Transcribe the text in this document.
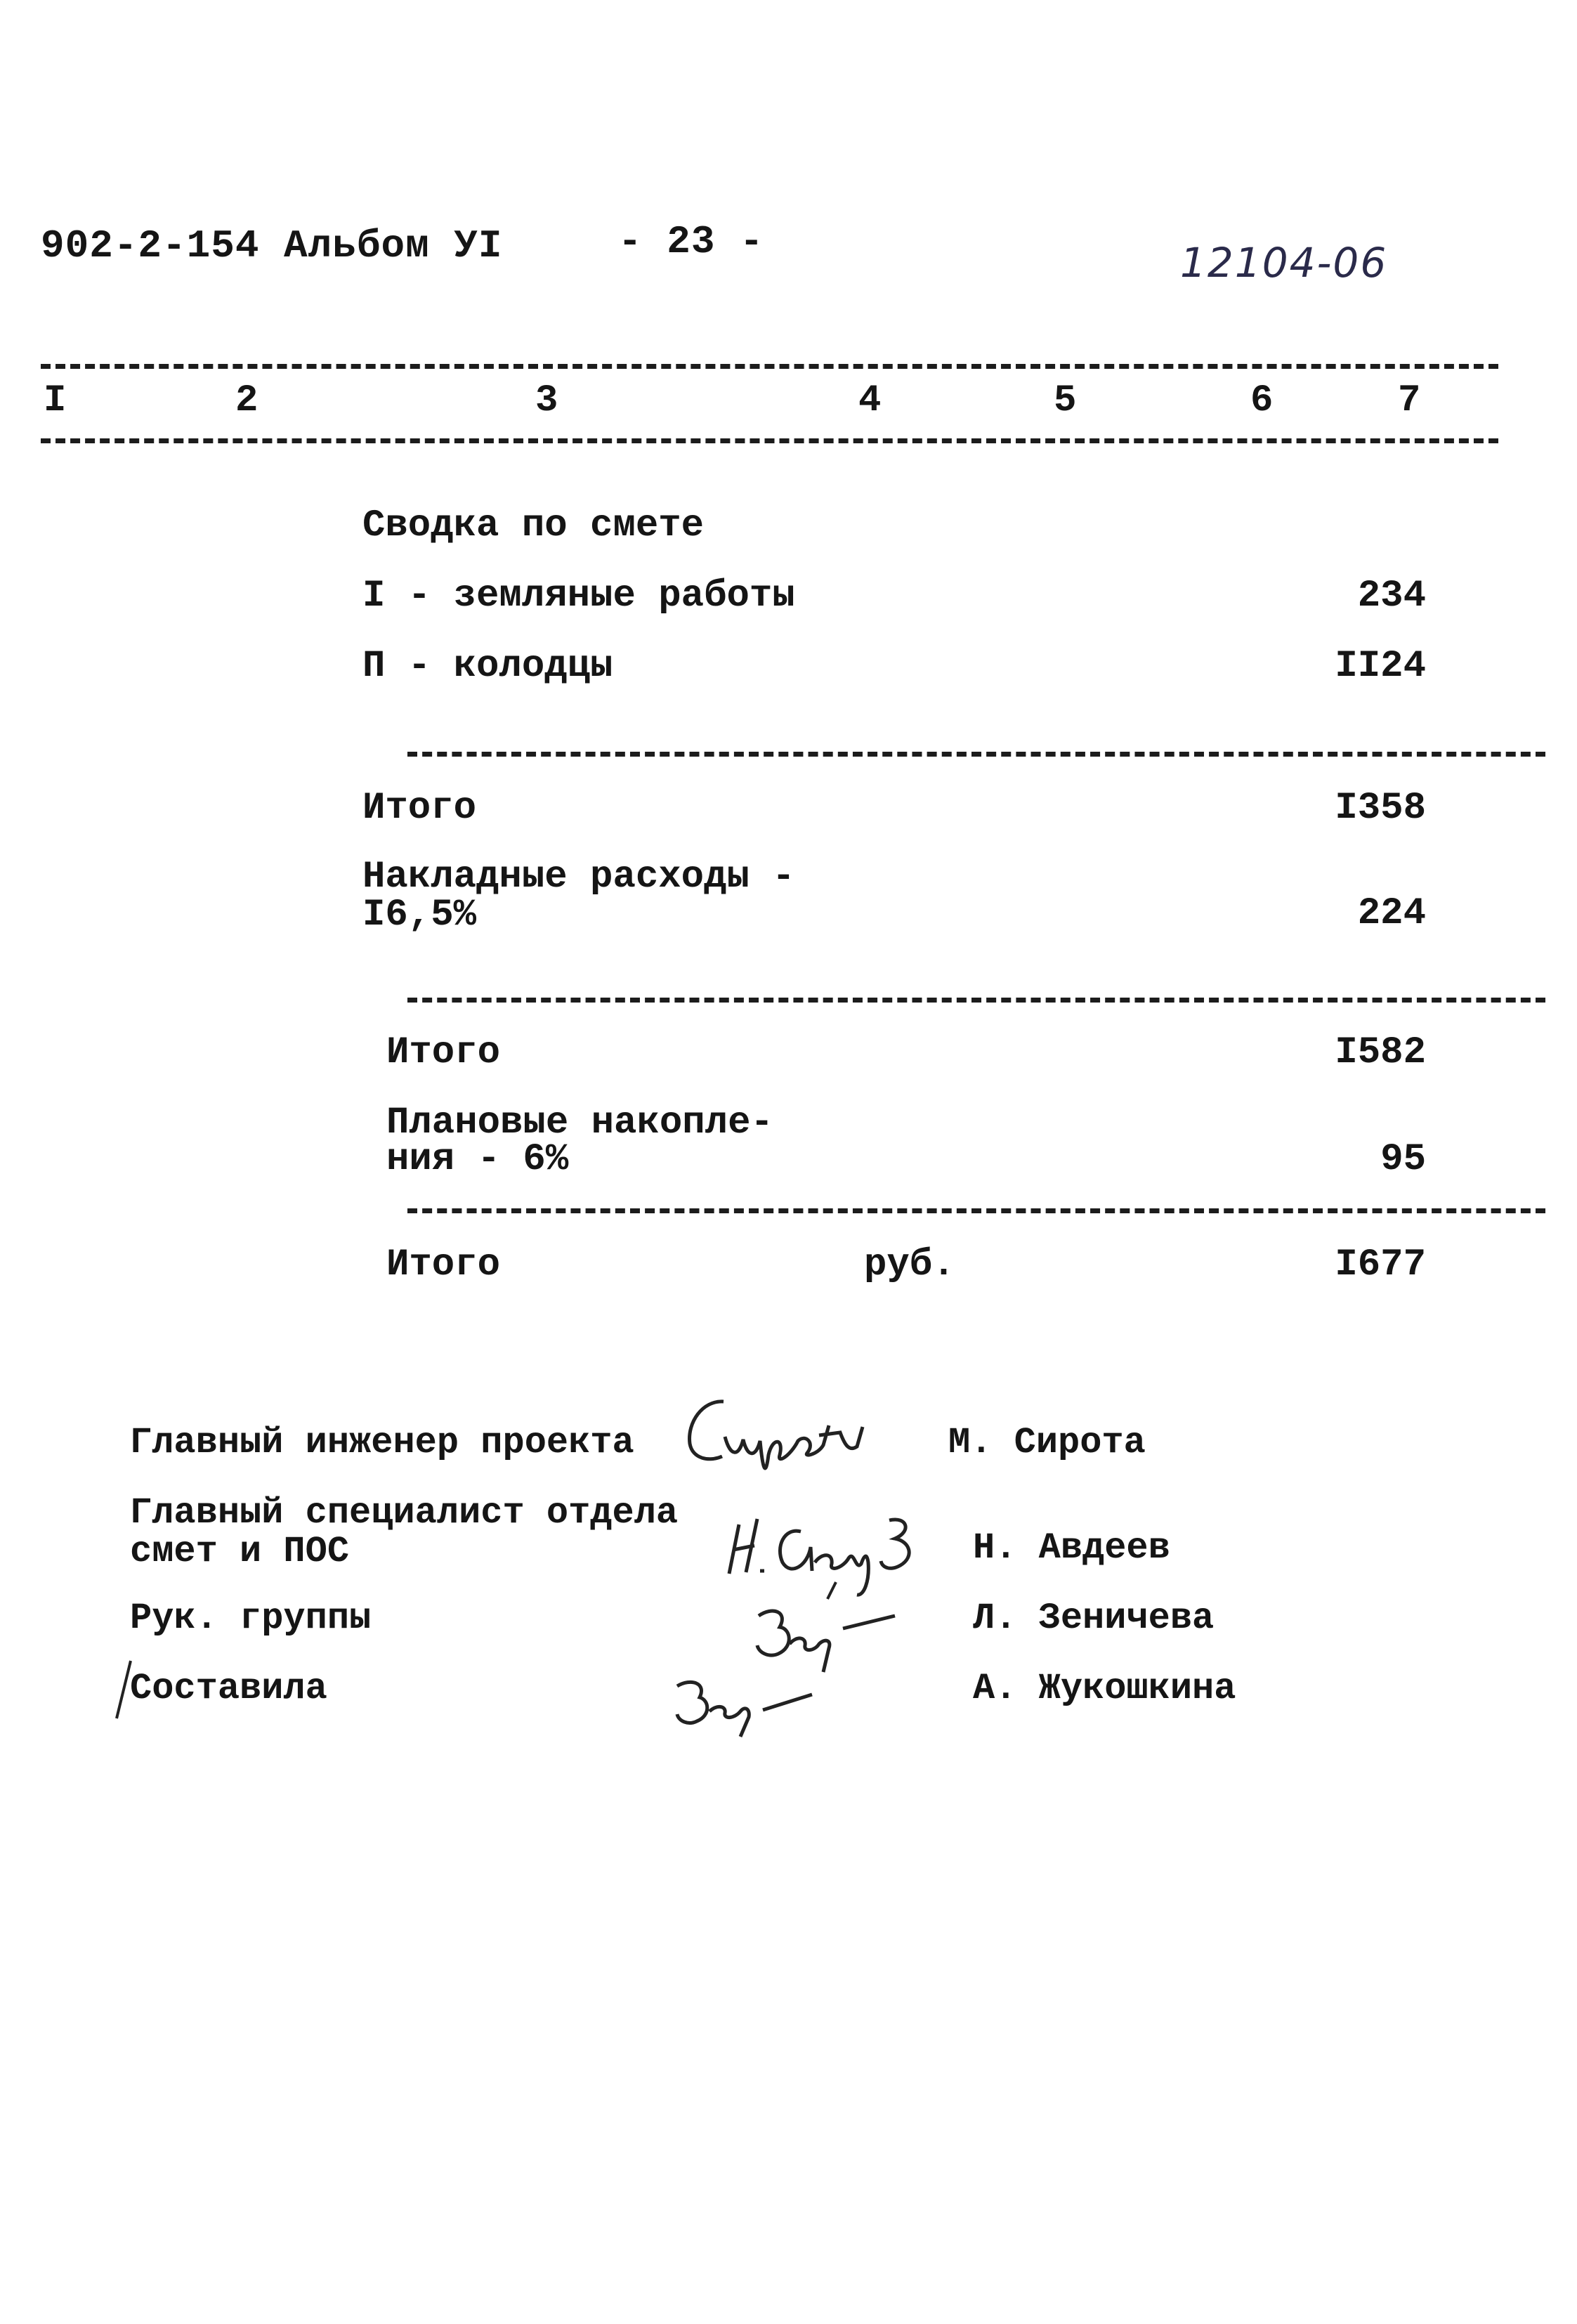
902-2-154 Альбом УI	- 23 -	12104-06
I	2	3	4	5	6	7
Сводка по смете
I - земляные работы	234
П - колодцы	II24
Итого	I358
Накладные расходы -
I6,5%	224
Итого	I582
Плановые накопле-
ния - 6%	95
Итого	руб.	I677
Главный инженер проекта	М. Сирота
Главный специалист отдела
смет и ПОС	Н. Авдеев
Рук. группы	Л. Зеничева
Составила	А. Жукошкина
